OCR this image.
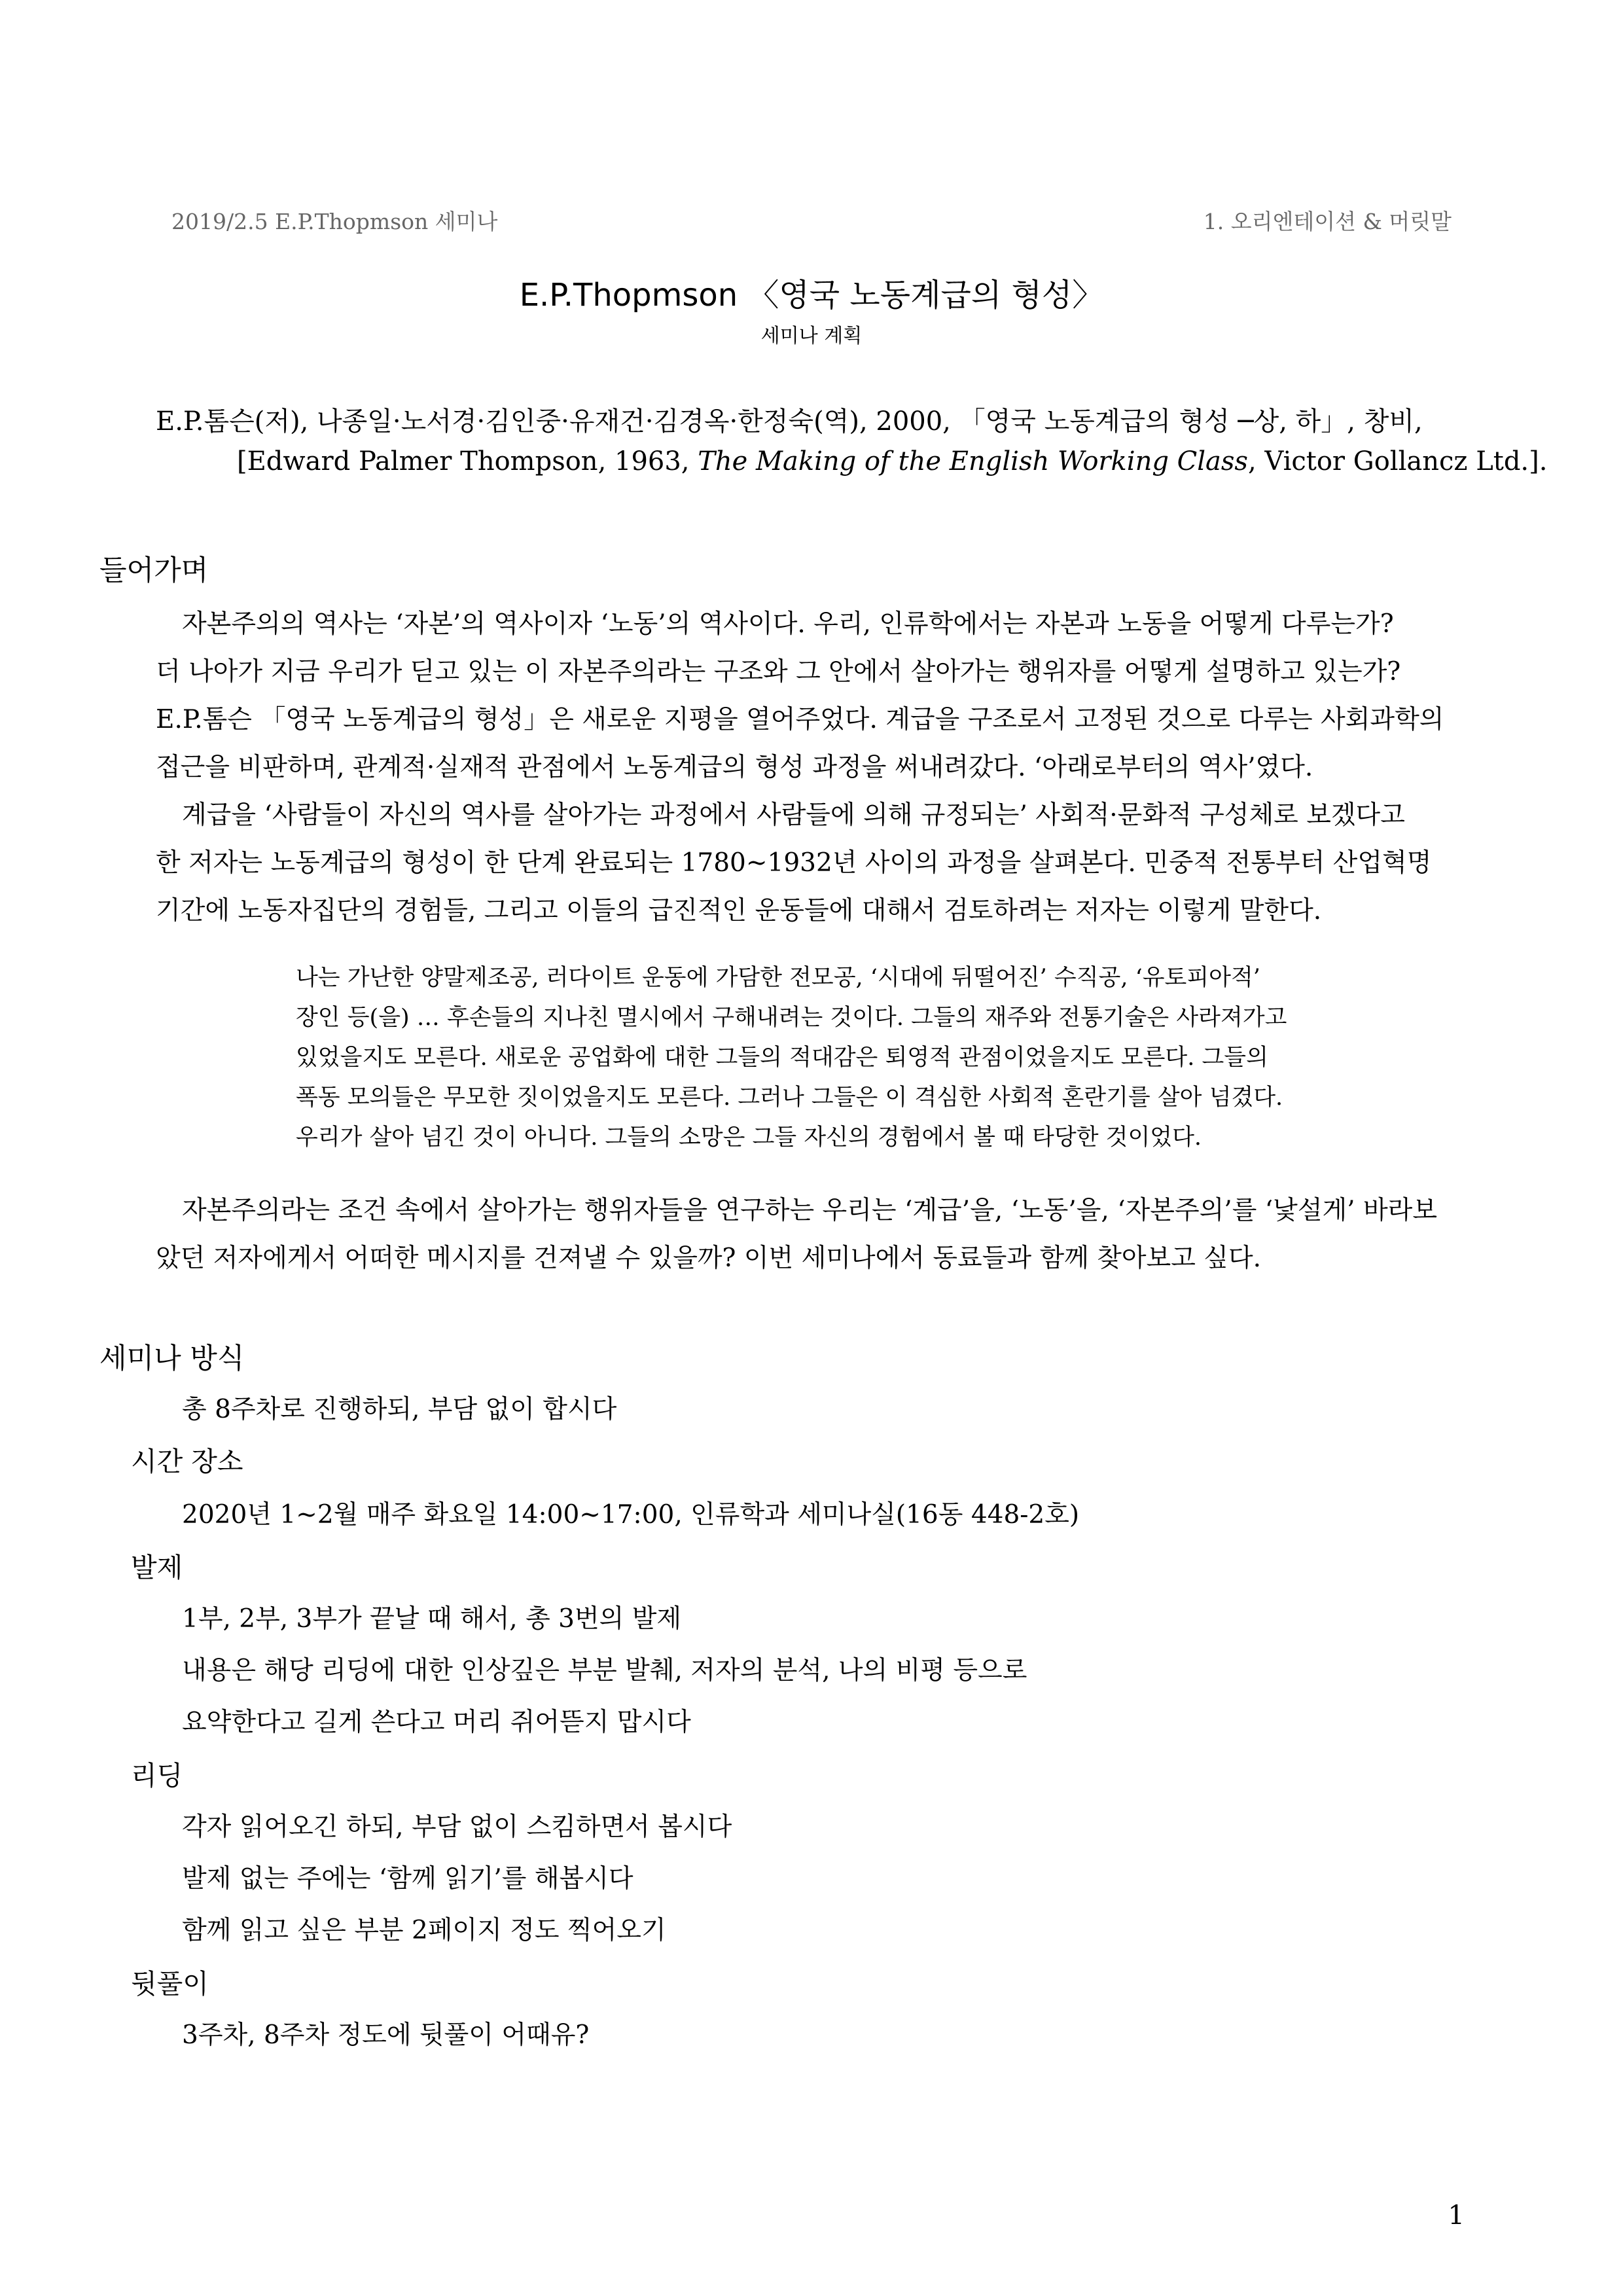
2019/2.5 E.P.Thopmson 세미나	1. 오리엔테이션 & 머릿말
E.P.Thopmson 〈영국 노동계급의 형성〉
세미나 계획
E.P.톰슨(저), 나종일·노서경·김인중·유재건·김경옥·한정숙(역), 2000, 「영국 노동계급의 형성 ─상, 하」, 창비,
[Edward Palmer Thompson, 1963, The Making of the English Working Class, Victor Gollancz Ltd.].
들어가며
자본주의의 역사는 ‘자본’의 역사이자 ‘노동’의 역사이다. 우리, 인류학에서는 자본과 노동을 어떻게 다루는가?
더 나아가 지금 우리가 딛고 있는 이 자본주의라는 구조와 그 안에서 살아가는 행위자를 어떻게 설명하고 있는가?
E.P.톰슨 「영국 노동계급의 형성」은 새로운 지평을 열어주었다. 계급을 구조로서 고정된 것으로 다루는 사회과학의
접근을 비판하며, 관계적·실재적 관점에서 노동계급의 형성 과정을 써내려갔다. ‘아래로부터의 역사’였다.
계급을 ‘사람들이 자신의 역사를 살아가는 과정에서 사람들에 의해 규정되는’ 사회적·문화적 구성체로 보겠다고
한 저자는 노동계급의 형성이 한 단계 완료되는 1780~1932년 사이의 과정을 살펴본다. 민중적 전통부터 산업혁명
기간에 노동자집단의 경험들, 그리고 이들의 급진적인 운동들에 대해서 검토하려는 저자는 이렇게 말한다.
나는 가난한 양말제조공, 러다이트 운동에 가담한 전모공, ‘시대에 뒤떨어진’ 수직공, ‘유토피아적’
장인 등(을) … 후손들의 지나친 멸시에서 구해내려는 것이다. 그들의 재주와 전통기술은 사라져가고
있었을지도 모른다. 새로운 공업화에 대한 그들의 적대감은 퇴영적 관점이었을지도 모른다. 그들의
폭동 모의들은 무모한 짓이었을지도 모른다. 그러나 그들은 이 격심한 사회적 혼란기를 살아 넘겼다.
우리가 살아 넘긴 것이 아니다. 그들의 소망은 그들 자신의 경험에서 볼 때 타당한 것이었다.
자본주의라는 조건 속에서 살아가는 행위자들을 연구하는 우리는 ‘계급’을, ‘노동’을, ‘자본주의’를 ‘낯설게’ 바라보
았던 저자에게서 어떠한 메시지를 건져낼 수 있을까? 이번 세미나에서 동료들과 함께 찾아보고 싶다.
세미나 방식
총 8주차로 진행하되, 부담 없이 합시다
시간 장소
2020년 1~2월 매주 화요일 14:00~17:00, 인류학과 세미나실(16동 448-2호)
발제
1부, 2부, 3부가 끝날 때 해서, 총 3번의 발제
내용은 해당 리딩에 대한 인상깊은 부분 발췌, 저자의 분석, 나의 비평 등으로
요약한다고 길게 쓴다고 머리 쥐어뜯지 맙시다
리딩
각자 읽어오긴 하되, 부담 없이 스킴하면서 봅시다
발제 없는 주에는 ‘함께 읽기’를 해봅시다
함께 읽고 싶은 부분 2페이지 정도 찍어오기
뒷풀이
3주차, 8주차 정도에 뒷풀이 어때유?
1
